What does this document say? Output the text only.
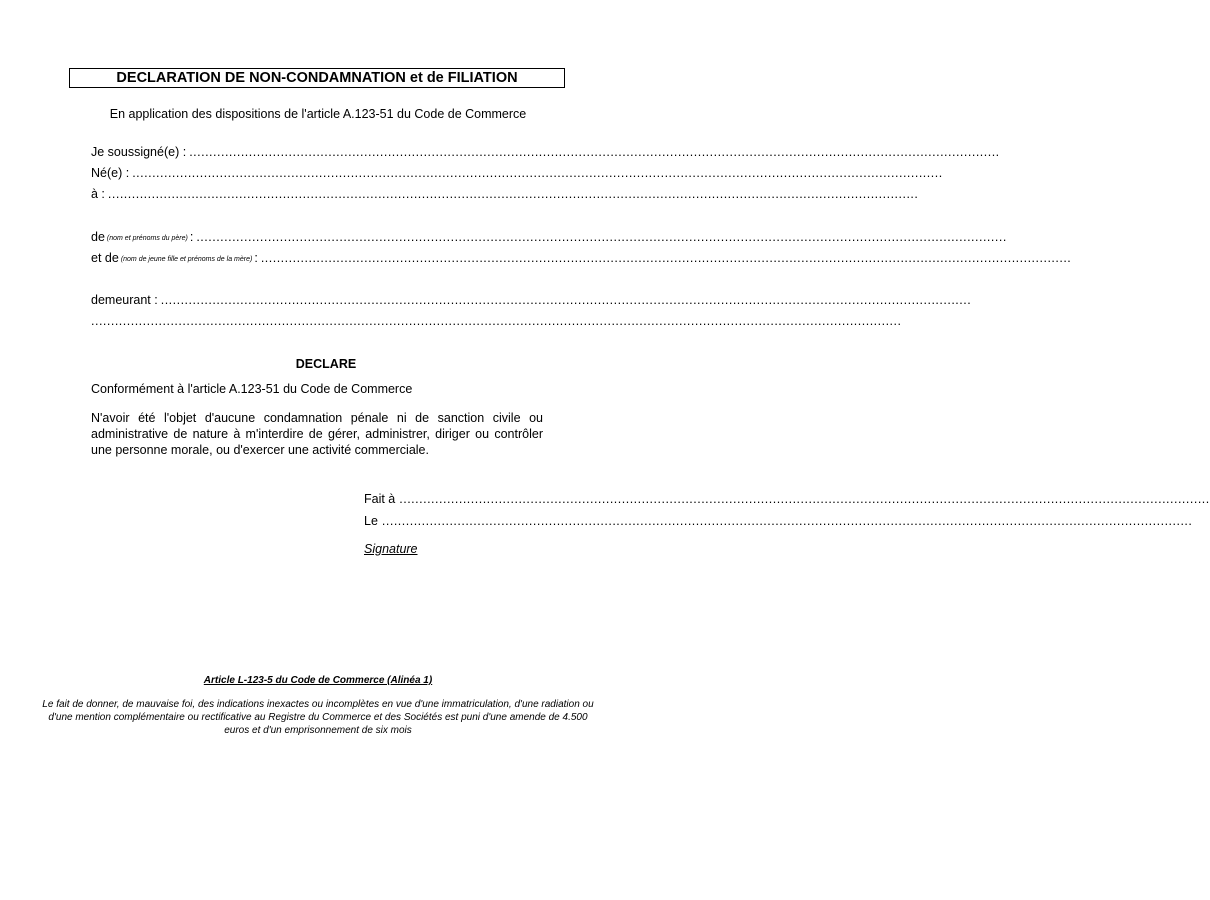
DECLARATION DE NON-CONDAMNATION et de FILIATION
En application des dispositions de l'article A.123-51 du Code de Commerce
Je soussigné(e) : ............................................................................................................................................................................................................
Né(e) : ............................................................................................................................................................................................................
à : ............................................................................................................................................................................................................
de (nom et prénoms du père) : ............................................................................................................................................................................................................
et de (nom de jeune fille et prénoms de la mère) : ............................................................................................................................................................................................................
demeurant : ............................................................................................................................................................................................................
............................................................................................................................................................................................................
DECLARE
Conformément à l'article A.123-51 du Code de Commerce
N'avoir été l'objet d'aucune condamnation pénale ni de sanction civile ou administrative de nature à m'interdire de gérer, administrer, diriger ou contrôler une personne morale, ou d'exercer une activité commerciale.
Fait à ............................................................................................................................................................................................................
Le ............................................................................................................................................................................................................
Signature
Article L-123-5 du Code de Commerce (Alinéa 1)
Le fait de donner, de mauvaise foi, des indications inexactes ou incomplètes en vue d'une immatriculation, d'une radiation ou d'une mention complémentaire ou rectificative au Registre du Commerce et des Sociétés est puni d'une amende de 4.500 euros et d'un emprisonnement de six mois
